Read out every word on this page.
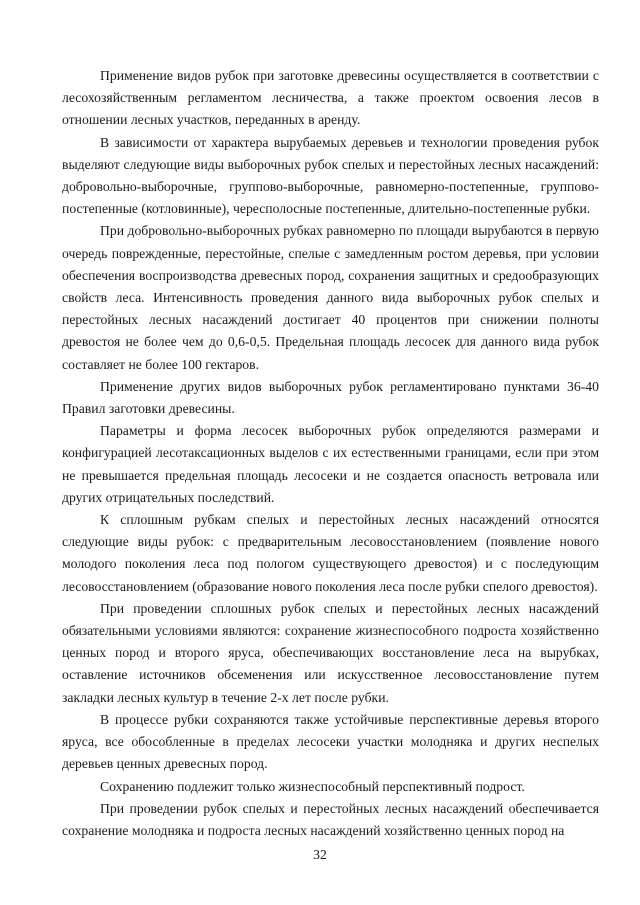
Применение видов рубок при заготовке древесины осуществляется в соответствии с лесохозяйственным регламентом лесничества, а также проектом освоения лесов в отношении лесных участков, переданных в аренду.

В зависимости от характера вырубаемых деревьев и технологии проведения рубок выделяют следующие виды выборочных рубок спелых и перестойных лесных насаждений: добровольно-выборочные, группово-выборочные, равномерно-постепенные, группово-постепенные (котловинные), чересполосные постепенные, длительно-постепенные рубки.

При добровольно-выборочных рубках равномерно по площади вырубаются в первую очередь поврежденные, перестойные, спелые с замедленным ростом деревья, при условии обеспечения воспроизводства древесных пород, сохранения защитных и средообразующих свойств леса. Интенсивность проведения данного вида выборочных рубок спелых и перестойных лесных насаждений достигает 40 процентов при снижении полноты древостоя не более чем до 0,6-0,5. Предельная площадь лесосек для данного вида рубок составляет не более 100 гектаров.

Применение других видов выборочных рубок регламентировано пунктами 36-40 Правил заготовки древесины.

Параметры и форма лесосек выборочных рубок определяются размерами и конфигурацией лесотаксационных выделов с их естественными границами, если при этом не превышается предельная площадь лесосеки и не создается опасность ветровала или других отрицательных последствий.

К сплошным рубкам спелых и перестойных лесных насаждений относятся следующие виды рубок: с предварительным лесовосстановлением (появление нового молодого поколения леса под пологом существующего древостоя) и с последующим лесовосстановлением (образование нового поколения леса после рубки спелого древостоя).

При проведении сплошных рубок спелых и перестойных лесных насаждений обязательными условиями являются: сохранение жизнеспособного подроста хозяйственно ценных пород и второго яруса, обеспечивающих восстановление леса на вырубках, оставление источников обсеменения или искусственное лесовосстановление путем закладки лесных культур в течение 2-х лет после рубки.

В процессе рубки сохраняются также устойчивые перспективные деревья второго яруса, все обособленные в пределах лесосеки участки молодняка и других неспелых деревьев ценных древесных пород.

Сохранению подлежит только жизнеспособный перспективный подрост.

При проведении рубок спелых и перестойных лесных насаждений обеспечивается сохранение молодняка и подроста лесных насаждений хозяйственно ценных пород на

32
